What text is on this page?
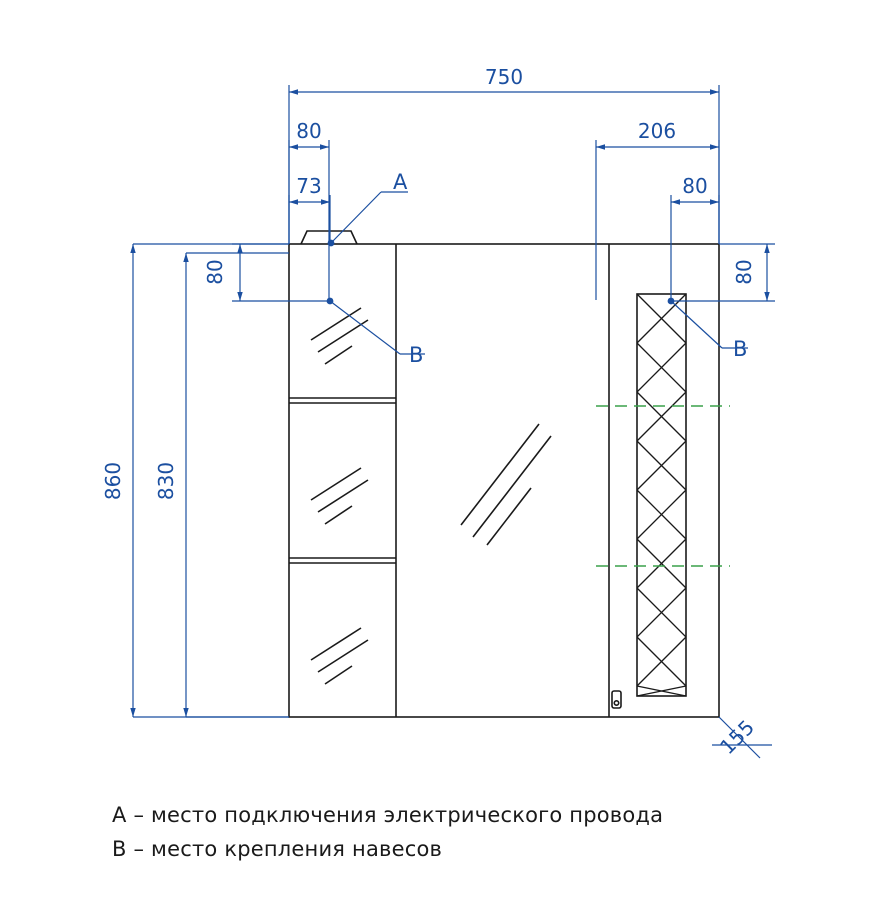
750
80
73
206
80
80	80
860 830
155
A
B	B
A – место подключения электрического провода
B – место крепления навесов
